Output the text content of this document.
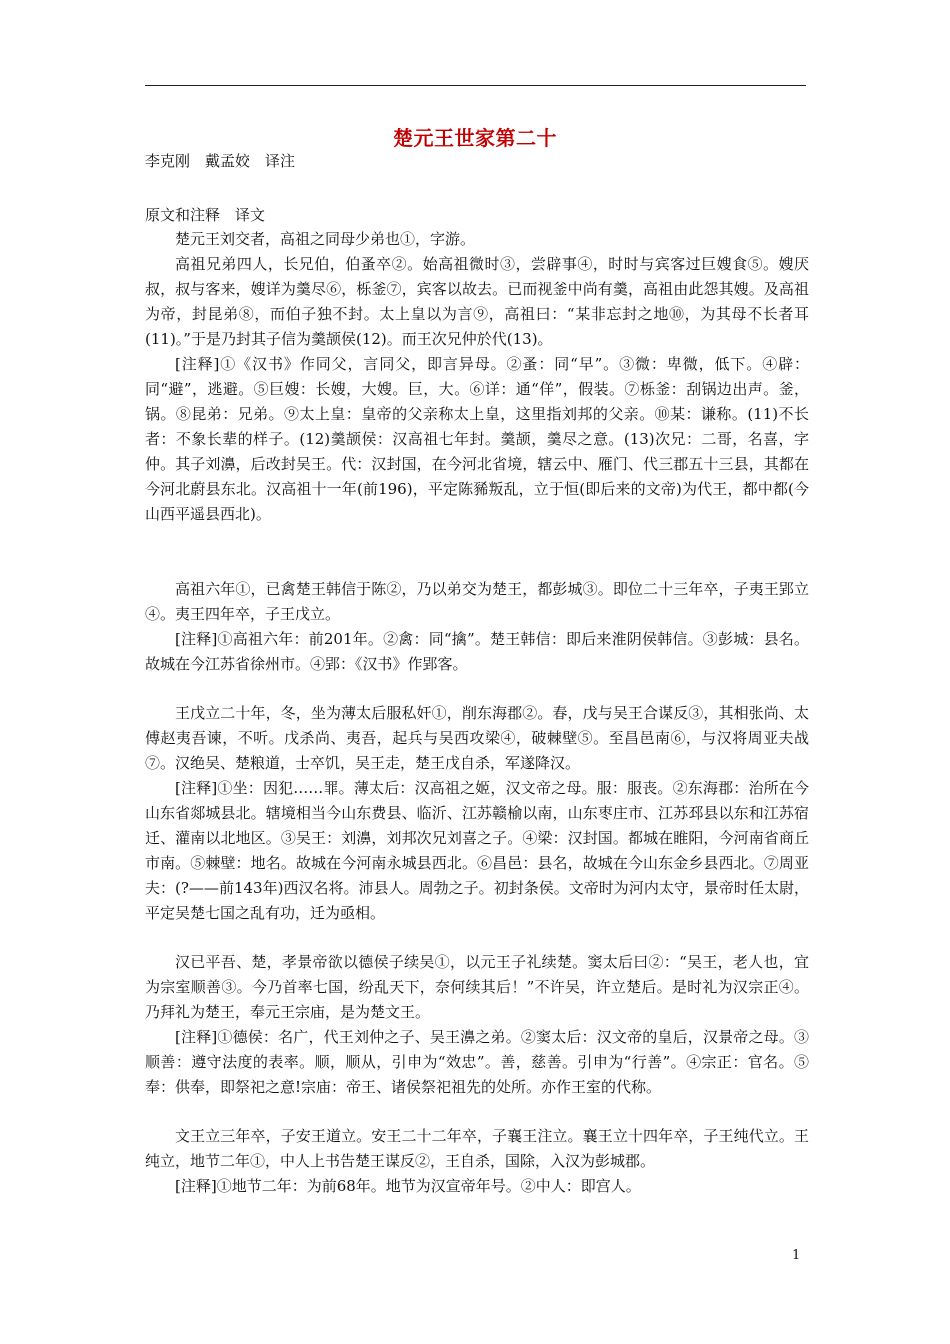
楚元王世家第二十
李克刚　戴孟姣　译注
原文和注释　译文

楚元王刘交者，高祖之同母少弟也①，字游。

高祖兄弟四人，长兄伯，伯蚤卒②。始高祖微时③，尝辟事④，时时与宾客过巨嫂食⑤。嫂厌叔，叔与客来，嫂详为羹尽⑥，栎釜⑦，宾客以故去。已而视釜中尚有羹，高祖由此怨其嫂。及高祖为帝，封昆弟⑧，而伯子独不封。太上皇以为言⑨，高祖曰：“某非忘封之地⑩，为其母不长者耳(11)。”于是乃封其子信为羹颉侯(12)。而王次兄仲於代(13)。

[注释]①《汉书》作同父，言同父，即言异母。②蚤：同“早”。③微：卑微，低下。④辟：同“避”，逃避。⑤巨嫂：长嫂，大嫂。巨，大。⑥详：通“佯”，假装。⑦栎釜：刮锅边出声。釜，锅。⑧昆弟：兄弟。⑨太上皇：皇帝的父亲称太上皇，这里指刘邦的父亲。⑩某：谦称。(11)不长者：不象长辈的样子。(12)羹颉侯：汉高祖七年封。羹颉，羹尽之意。(13)次兄：二哥，名喜，字仲。其子刘濞，后改封吴王。代：汉封国，在今河北省境，辖云中、雁门、代三郡五十三县，其都在今河北蔚县东北。汉高祖十一年(前196)，平定陈豨叛乱，立于恒(即后来的文帝)为代王，都中都(今山西平遥县西北)。

高祖六年①，已禽楚王韩信于陈②，乃以弟交为楚王，都彭城③。即位二十三年卒，子夷王郢立④。夷王四年卒，子王戊立。

[注释]①高祖六年：前201年。②禽：同“擒”。楚王韩信：即后来淮阴侯韩信。③彭城：县名。故城在今江苏省徐州市。④郢：《汉书》作郢客。

王戊立二十年，冬，坐为薄太后服私奸①，削东海郡②。春，戊与吴王合谋反③，其相张尚、太傅赵夷吾谏，不听。戊杀尚、夷吾，起兵与吴西攻梁④，破棘壁⑤。至昌邑南⑥，与汉将周亚夫战⑦。汉绝吴、楚粮道，士卒饥，吴王走，楚王戊自杀，军遂降汉。

[注释]①坐：因犯……罪。薄太后：汉高祖之姬，汉文帝之母。服：服丧。②东海郡：治所在今山东省郯城县北。辖境相当今山东费县、临沂、江苏赣榆以南，山东枣庄市、江苏邳县以东和江苏宿迁、灌南以北地区。③吴王：刘濞，刘邦次兄刘喜之子。④梁：汉封国。都城在睢阳，今河南省商丘市南。⑤棘壁：地名。故城在今河南永城县西北。⑥昌邑：县名，故城在今山东金乡县西北。⑦周亚夫：(?——前143年)西汉名将。沛县人。周勃之子。初封条侯。文帝时为河内太守，景帝时任太尉，平定吴楚七国之乱有功，迁为亟相。

汉已平吾、楚，孝景帝欲以德侯子续吴①，以元王子礼续楚。窦太后曰②：“吴王，老人也，宜为宗室顺善③。今乃首率七国，纷乱天下，奈何续其后！”不许吴，许立楚后。是时礼为汉宗正④。乃拜礼为楚王，奉元王宗庙，是为楚文王。

[注释]①德侯：名广，代王刘仲之子、吴王濞之弟。②窦太后：汉文帝的皇后，汉景帝之母。③顺善：遵守法度的表率。顺，顺从，引申为“效忠”。善，慈善。引申为“行善”。④宗正：官名。⑤奉：供奉，即祭祀之意!宗庙：帝王、诸侯祭祀祖先的处所。亦作王室的代称。

文王立三年卒，子安王道立。安王二十二年卒，子襄王注立。襄王立十四年卒，子王纯代立。王纯立，地节二年①，中人上书告楚王谋反②，王自杀，国除，入汉为彭城郡。

[注释]①地节二年：为前68年。地节为汉宣帝年号。②中人：即宫人。

1
